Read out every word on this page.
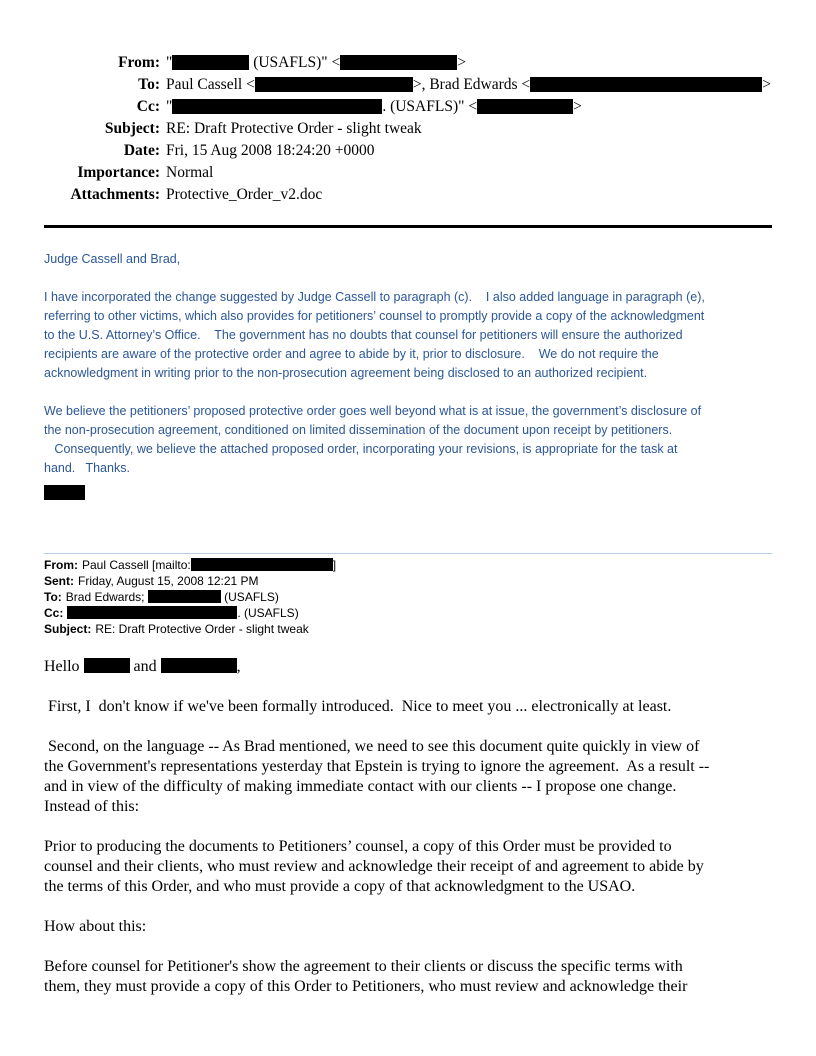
From: "	(USAFLS)" <	>
To: Paul Cassell <	>, Brad Edwards <	>
Cc: "	. (USAFLS)" <	>
Subject: RE: Draft Protective Order - slight tweak
Date: Fri, 15 Aug 2008 18:24:20 +0000
Importance: Normal
Attachments: Protective_Order_v2.doc
Judge Cassell and Brad,
I have incorporated the change suggested by Judge Cassell to paragraph (c).    I also added language in paragraph (e),
referring to other victims, which also provides for petitioners’ counsel to promptly provide a copy of the acknowledgment
to the U.S. Attorney’s Office.    The government has no doubts that counsel for petitioners will ensure the authorized
recipients are aware of the protective order and agree to abide by it, prior to disclosure.    We do not require the
acknowledgment in writing prior to the non-prosecution agreement being disclosed to an authorized recipient.
We believe the petitioners’ proposed protective order goes well beyond what is at issue, the government’s disclosure of
the non-prosecution agreement, conditioned on limited dissemination of the document upon receipt by petitioners.
Consequently, we believe the attached proposed order, incorporating your revisions, is appropriate for the task at
hand.   Thanks.
From: Paul Cassell [mailto:	]
Sent: Friday, August 15, 2008 12:21 PM
To: Brad Edwards;	(USAFLS)
Cc:	. (USAFLS)
Subject: RE: Draft Protective Order - slight tweak
Hello	and	,
First, I  don't know if we've been formally introduced.  Nice to meet you ... electronically at least.
Second, on the language -- As Brad mentioned, we need to see this document quite quickly in view of
the Government's representations yesterday that Epstein is trying to ignore the agreement.  As a result --
and in view of the difficulty of making immediate contact with our clients -- I propose one change.
Instead of this:
Prior to producing the documents to Petitioners’ counsel, a copy of this Order must be provided to
counsel and their clients, who must review and acknowledge their receipt of and agreement to abide by
the terms of this Order, and who must provide a copy of that acknowledgment to the USAO.
How about this:
Before counsel for Petitioner's show the agreement to their clients or discuss the specific terms with
them, they must provide a copy of this Order to Petitioners, who must review and acknowledge their
